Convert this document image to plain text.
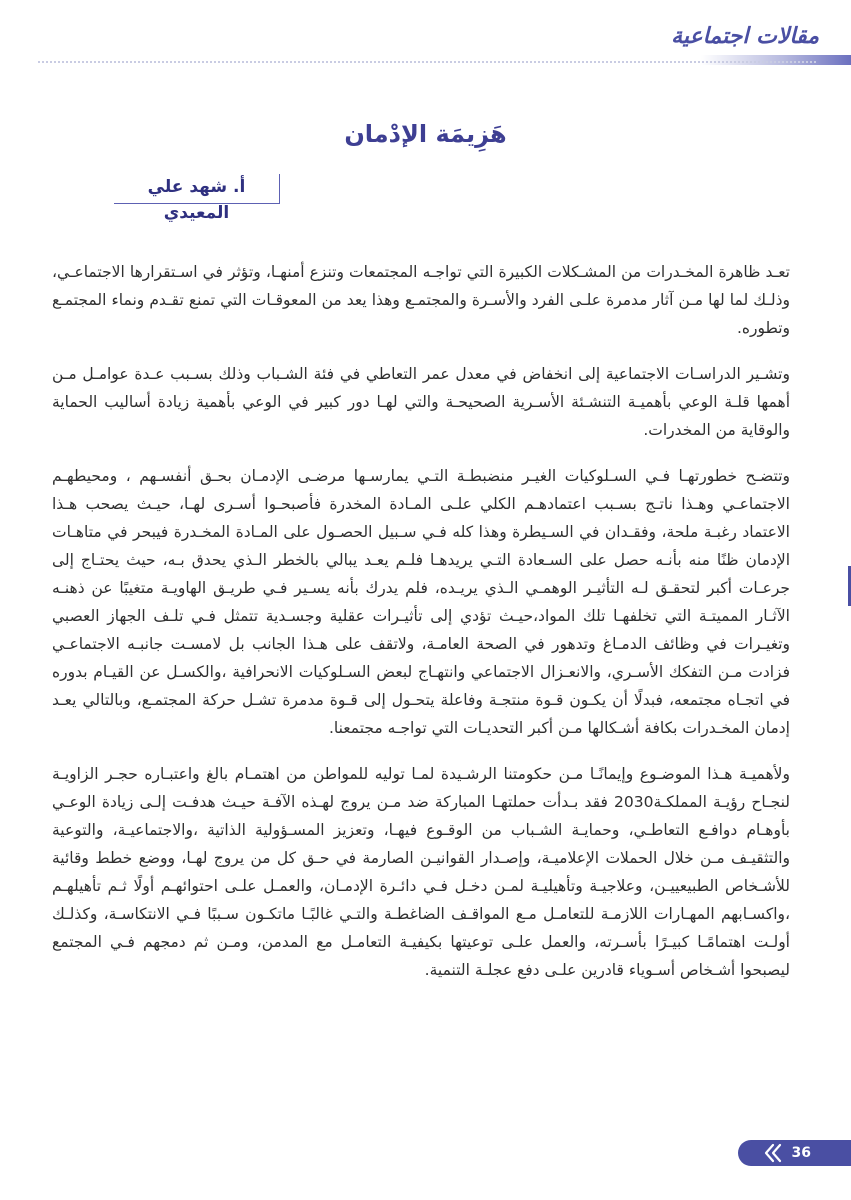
مقالات اجتماعية
هَزِيمَة الإدْمان
أ. شهد علي المعيدي

تعـد ظاهرة المخـدرات من المشـكلات الكبيرة التي تواجـه المجتمعات وتنزع أمنهـا، وتؤثر في اسـتقرارها الاجتماعـي، وذلـك لما لها مـن آثار مدمرة علـى الفرد والأسـرة والمجتمـع وهذا يعد من المعوقـات التي تمنع تقـدم ونماء المجتمـع وتطوره.

وتشـير الدراسـات الاجتماعية إلى انخفاض في معدل عمر التعاطي في فئة الشـباب وذلك بسـبب عـدة عوامـل مـن أهمها قلـة الوعي بأهميـة التنشـئة الأسـرية الصحيحـة والتي لهـا دور كبير في الوعي بأهمية زيادة أساليب الحماية والوقاية من المخدرات.

وتتضـح خطورتهـا فـي السـلوكيات الغيـر منضبطـة التـي يمارسـها مرضـى الإدمـان بحـق أنفسـهم ، ومحيطهـم الاجتماعـي وهـذا ناتـج بسـبب اعتمادهـم الكلي علـى المـادة المخدرة فأصبحـوا أسـرى لهـا، حيـث يصحب هـذا الاعتماد رغبـة ملحة، وفقـدان في السـيطرة وهذا كله فـي سـبيل الحصـول على المـادة المخـدرة فيبحر في متاهـات الإدمان ظنًا منه بأنـه حصل على السـعادة التـي يريدهـا فلـم يعـد يبالي بالخطر الـذي يحدق بـه، حيث يحتـاج إلى جرعـات أكبر لتحقـق لـه التأثيـر الوهمـي الـذي يريـده، فلم يدرك بأنه يسـير فـي طريـق الهاويـة متغيبًا عن ذهنـه الآثـار المميتـة التي تخلفهـا تلك المواد،حيـث تؤدي إلى تأثيـرات عقلية وجسـدية تتمثل فـي تلـف الجهاز العصبي وتغيـرات في وظائف الدمـاغ وتدهور في الصحة العامـة، ولاتقف على هـذا الجانب بل لامسـت جانبـه الاجتماعـي فزادت مـن التفكك الأسـري، والانعـزال الاجتماعي وانتهـاج لبعض السـلوكيات الانحرافية ،والكسـل عن القيـام بدوره في اتجـاه مجتمعه، فبدلًا أن يكـون قـوة منتجـة وفاعلة يتحـول إلى قـوة مدمرة تشـل حركة المجتمـع، وبالتالي يعـد إدمان المخـدرات بكافة أشـكالها مـن أكبر التحديـات التي تواجـه مجتمعنا.

ولأهميـة هـذا الموضـوع وإيمانًـا مـن حكومتنا الرشـيدة لمـا توليه للمواطن من اهتمـام بالغ واعتبـاره حجـر الزاويـة لنجـاح رؤيـة المملكـة2030 فقد بـدأت حملتهـا المباركة ضد مـن يروج لهـذه الآفـة حيـث هدفـت إلـى زيادة الوعـي بأوهـام دوافـع التعاطـي، وحمايـة الشـباب من الوقـوع فيهـا، وتعزيز المسـؤولية الذاتية ،والاجتماعيـة، والتوعية والتثقيـف مـن خلال الحملات الإعلاميـة، وإصـدار القوانيـن الصارمة في حـق كل من يروج لهـا، ووضع خطط وقائية للأشـخاص الطبيعييـن، وعلاجيـة وتأهيليـة لمـن دخـل فـي دائـرة الإدمـان، والعمـل علـى احتوائهـم أولًا ثـم تأهيلهـم ،واكسـابهم المهـارات اللازمـة للتعامـل مـع المواقـف الضاغطـة والتـي غالبًـا ماتكـون سـببًا فـي الانتكاسـة، وكذلـك أولـت اهتمامًـا كبيـرًا بأسـرته، والعمل علـى توعيتها بكيفيـة التعامـل مع المدمن، ومـن ثم دمجهم فـي المجتمع ليصبحوا أشـخاص أسـوياء قادرين علـى دفع عجلـة التنمية.

36
